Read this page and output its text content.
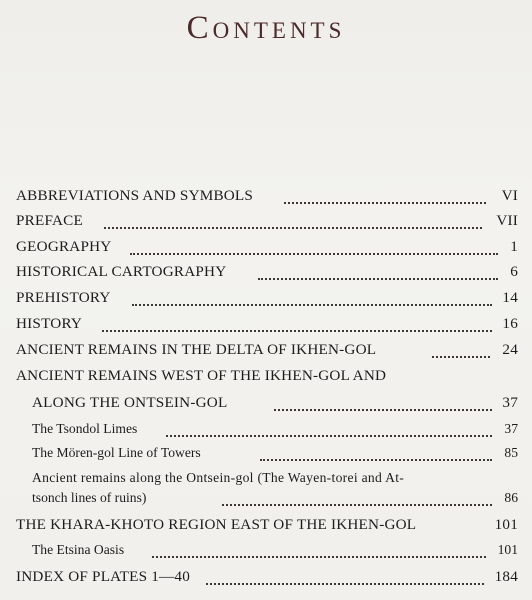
Contents
ABBREVIATIONS AND SYMBOLS	VI
PREFACE	VII
GEOGRAPHY	1
HISTORICAL CARTOGRAPHY	6
PREHISTORY	14
HISTORY	16
ANCIENT REMAINS IN THE DELTA OF IKHEN-GOL	24
ANCIENT REMAINS WEST OF THE IKHEN-GOL AND
ALONG THE ONTSEIN-GOL	37
The Tsondol Limes	37
The Mören-gol Line of Towers	85
Ancient remains along the Ontsein-gol (The Wayen-torei and At-
tsonch lines of ruins)	86
THE KHARA-KHOTO REGION EAST OF THE IKHEN-GOL	101
The Etsina Oasis	101
INDEX OF PLATES 1—40	184
